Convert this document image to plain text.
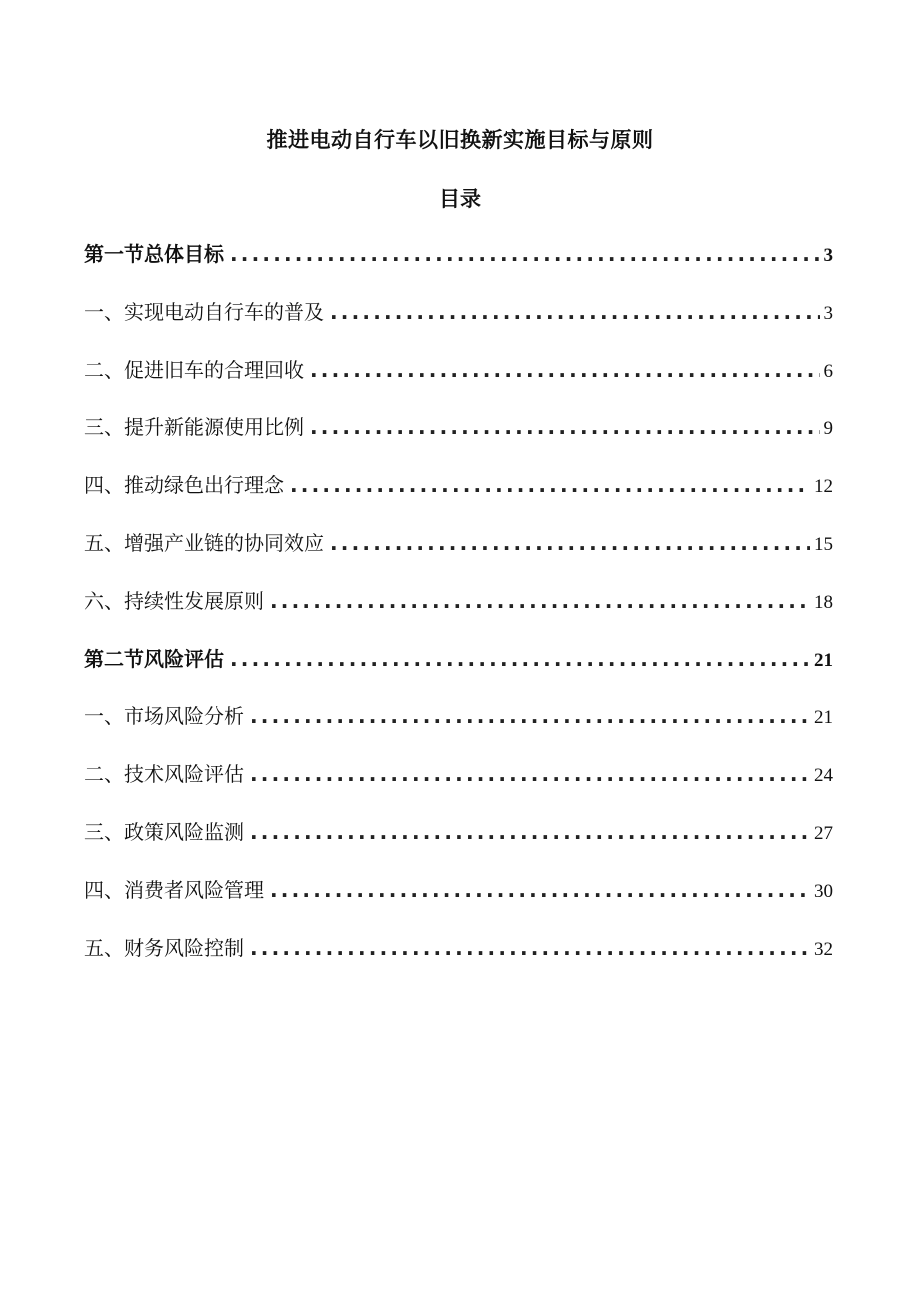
推进电动自行车以旧换新实施目标与原则
目录
第一节总体目标 .....	3
一、实现电动自行车的普及 .....	3
二、促进旧车的合理回收 .....	6
三、提升新能源使用比例 .....	9
四、推动绿色出行理念 .....	12
五、增强产业链的协同效应 .....	15
六、持续性发展原则 .....	18
第二节风险评估 .....	21
一、市场风险分析 .....	21
二、技术风险评估 .....	24
三、政策风险监测 .....	27
四、消费者风险管理 .....	30
五、财务风险控制 .....	32
